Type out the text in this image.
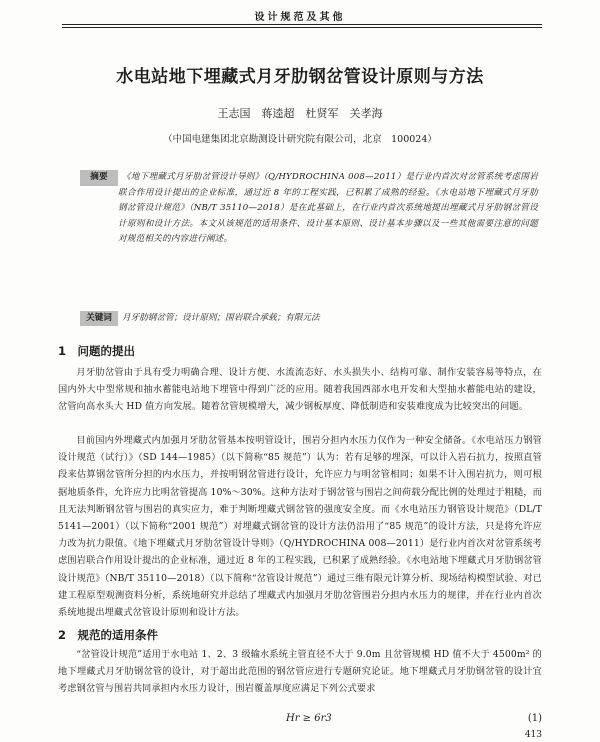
设计规范及其他
水电站地下埋藏式月牙肋钢岔管设计原则与方法
王志国　蒋逵超　杜贤军　关孝海
（中国电建集团北京勘测设计研究院有限公司，北京　100024）
摘要 《地下埋藏式月牙肋岔管设计导则》（Q/HYDROCHINA 008—2011）是行业内首次对岔管系统考虑围岩联合作用设计提出的企业标准，通过近 8 年的工程实践，已积累了成熟的经验。《水电站地下埋藏式月牙肋钢岔管设计规范》（NB/T 35110—2018）是在此基础上，在行业内首次系统地提出埋藏式月牙肋钢岔管设计原则和设计方法。本文从该规范的适用条件、设计基本原则、设计基本步骤以及一些其他需要注意的问题对规范相关的内容进行阐述。
关键词 月牙肋钢岔管；设计原则；围岩联合承载；有限元法
1　问题的提出
月牙肋岔管由于具有受力明确合理、设计方便、水流流态好、水头损失小、结构可靠、制作安装容易等特点，在国内外大中型常规和抽水蓄能电站地下埋管中得到广泛的应用。随着我国西部水电开发和大型抽水蓄能电站的建设，岔管向高水头大 HD 值方向发展。随着岔管规模增大，减少钢板厚度、降低制造和安装难度成为比较突出的问题。
目前国内外埋藏式内加强月牙肋岔管基本按明管设计，围岩分担内水压力仅作为一种安全储备。《水电站压力钢管设计规范（试行）》（SD 144—1985）（以下简称“85 规范”）认为：若有足够的埋深，可以计入岩石抗力，按照直管段来估算钢岔管所分担的内水压力，并按明钢岔管进行设计，允许应力与明岔管相同；如果不计入围岩抗力，则可根据地质条件，允许应力比明岔管提高 10%～30%。这种方法对于钢岔管与围岩之间荷载分配比例的处理过于粗糙，而且无法判断钢岔管与围岩的真实应力，难于判断埋藏式钢岔管的强度安全度。而《水电站压力钢管设计规范》（DL/T 5141—2001）（以下简称“2001 规范”）对埋藏式钢岔管的设计方法仍沿用了“85 规范”的设计方法，只是将允许应力改为抗力限值。《地下埋藏式月牙肋岔管设计导则》（Q/HYDROCHINA 008—2011）是行业内首次对岔管系统考虑围岩联合作用设计提出的企业标准，通过近 8 年的工程实践，已积累了成熟经验。《水电站地下埋藏式月牙肋钢岔管设计规范》（NB/T 35110—2018）（以下简称“岔管设计规范”）通过三维有限元计算分析、现场结构模型试验、对已建工程原型观测资料分析，系统地研究并总结了埋藏式内加强月牙肋岔管围岩分担内水压力的规律，并在行业内首次系统地提出埋藏式岔管设计原则和设计方法。
2　规范的适用条件
“岔管设计规范”适用于水电站 1、2、3 级输水系统主管直径不大于 9.0m 且岔管规模 HD 值不大于 4500m² 的地下埋藏式月牙肋钢岔管的设计，对于超出此范围的钢岔管应进行专题研究论证。地下埋藏式月牙肋钢岔管的设计宜考虑钢岔管与围岩共同承担内水压力设计，围岩覆盖厚度应满足下列公式要求
Hr ≥ 6r3	(1)
413
